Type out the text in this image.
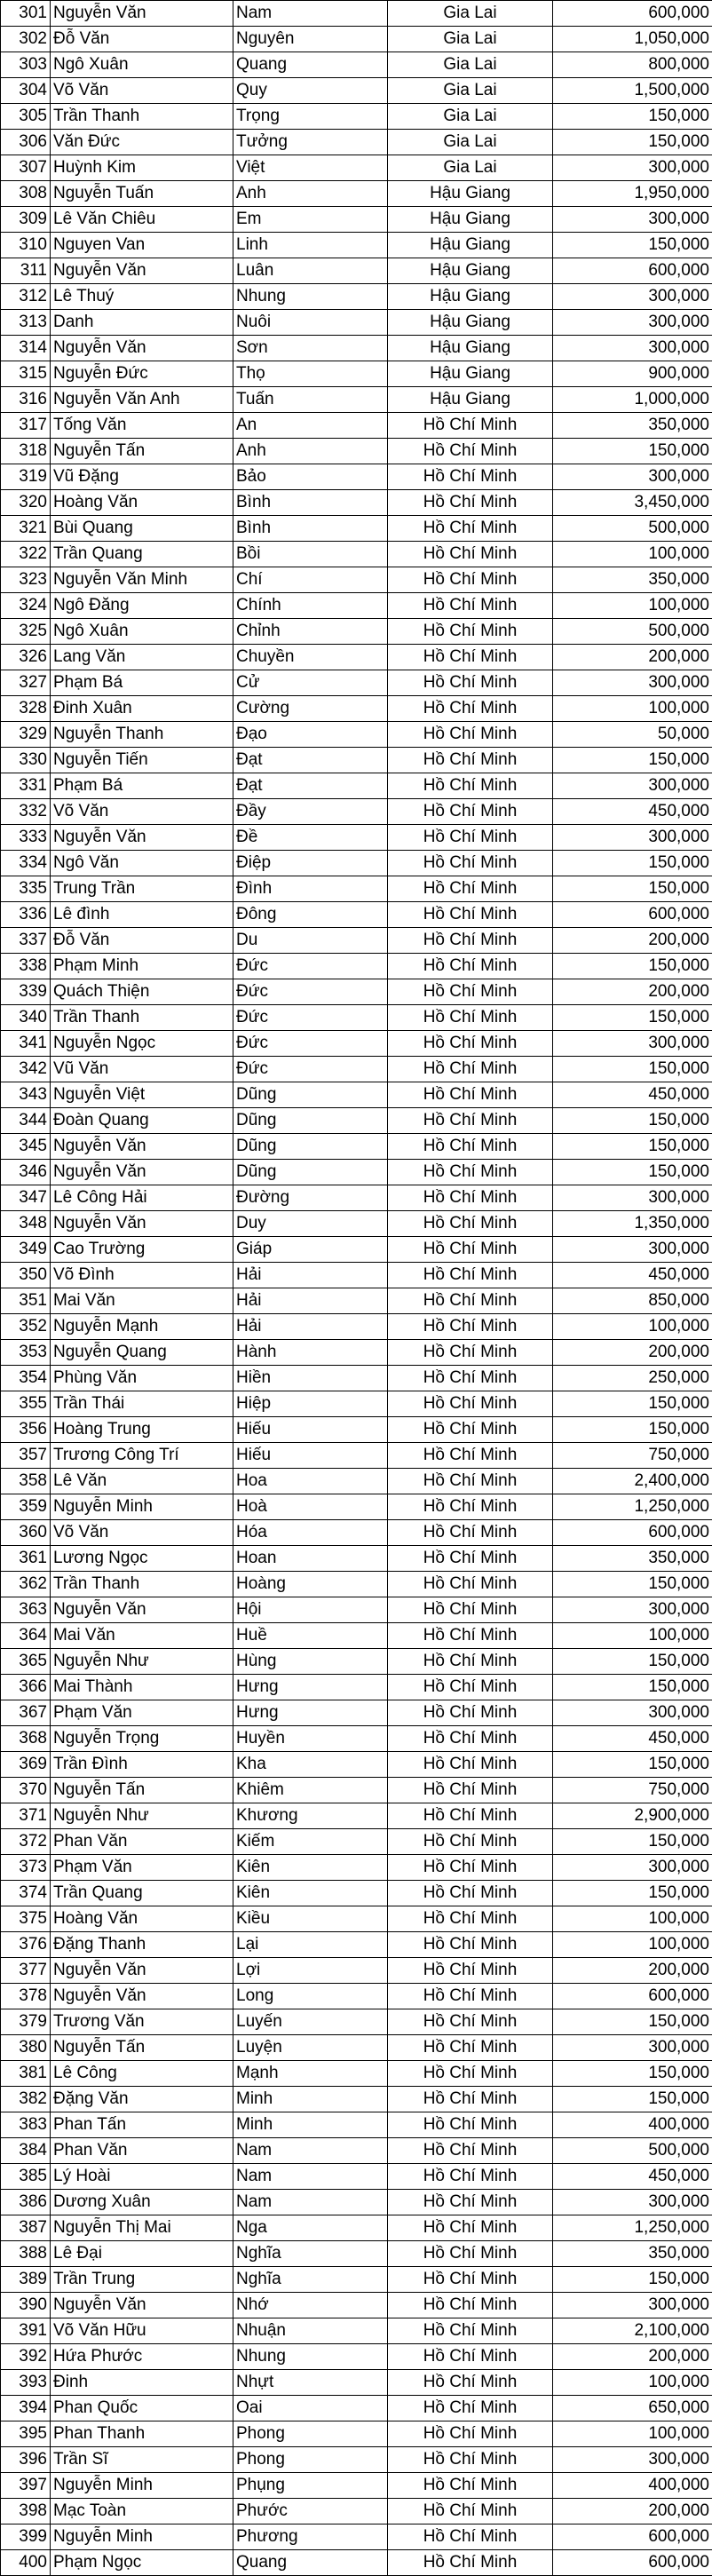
301	Nguyễn Văn	Nam	Gia Lai	600,000
302	Đỗ Văn	Nguyên	Gia Lai	1,050,000
303	Ngô Xuân	Quang	Gia Lai	800,000
304	Võ Văn	Quy	Gia Lai	1,500,000
305	Trần Thanh	Trọng	Gia Lai	150,000
306	Văn Đức	Tưởng	Gia Lai	150,000
307	Huỳnh Kim	Việt	Gia Lai	300,000
308	Nguyễn Tuấn	Anh	Hậu Giang	1,950,000
309	Lê Văn Chiêu	Em	Hậu Giang	300,000
310	Nguyen Van	Linh	Hậu Giang	150,000
311	Nguyễn Văn	Luân	Hậu Giang	600,000
312	Lê Thuý	Nhung	Hậu Giang	300,000
313	Danh	Nuôi	Hậu Giang	300,000
314	Nguyễn Văn	Sơn	Hậu Giang	300,000
315	Nguyễn Đức	Thọ	Hậu Giang	900,000
316	Nguyễn Văn Anh	Tuấn	Hậu Giang	1,000,000
317	Tống Văn	An	Hồ Chí Minh	350,000
318	Nguyễn Tấn	Anh	Hồ Chí Minh	150,000
319	Vũ Đặng	Bảo	Hồ Chí Minh	300,000
320	Hoàng Văn	Bình	Hồ Chí Minh	3,450,000
321	Bùi Quang	Bình	Hồ Chí Minh	500,000
322	Trần Quang	Bồi	Hồ Chí Minh	100,000
323	Nguyễn Văn Minh	Chí	Hồ Chí Minh	350,000
324	Ngô Đăng	Chính	Hồ Chí Minh	100,000
325	Ngô Xuân	Chỉnh	Hồ Chí Minh	500,000
326	Lang Văn	Chuyền	Hồ Chí Minh	200,000
327	Phạm Bá	Cử	Hồ Chí Minh	300,000
328	Đinh Xuân	Cường	Hồ Chí Minh	100,000
329	Nguyễn Thanh	Đạo	Hồ Chí Minh	50,000
330	Nguyễn Tiến	Đạt	Hồ Chí Minh	150,000
331	Phạm Bá	Đạt	Hồ Chí Minh	300,000
332	Võ Văn	Đầy	Hồ Chí Minh	450,000
333	Nguyễn Văn	Đề	Hồ Chí Minh	300,000
334	Ngô Văn	Điệp	Hồ Chí Minh	150,000
335	Trung Trần	Đình	Hồ Chí Minh	150,000
336	Lê đình	Đông	Hồ Chí Minh	600,000
337	Đỗ Văn	Du	Hồ Chí Minh	200,000
338	Phạm Minh	Đức	Hồ Chí Minh	150,000
339	Quách Thiện	Đức	Hồ Chí Minh	200,000
340	Trần Thanh	Đức	Hồ Chí Minh	150,000
341	Nguyễn Ngọc	Đức	Hồ Chí Minh	300,000
342	Vũ Văn	Đức	Hồ Chí Minh	150,000
343	Nguyễn Việt	Dũng	Hồ Chí Minh	450,000
344	Đoàn Quang	Dũng	Hồ Chí Minh	150,000
345	Nguyễn Văn	Dũng	Hồ Chí Minh	150,000
346	Nguyễn Văn	Dũng	Hồ Chí Minh	150,000
347	Lê Công Hải	Đường	Hồ Chí Minh	300,000
348	Nguyễn Văn	Duy	Hồ Chí Minh	1,350,000
349	Cao Trường	Giáp	Hồ Chí Minh	300,000
350	Võ Đình	Hải	Hồ Chí Minh	450,000
351	Mai Văn	Hải	Hồ Chí Minh	850,000
352	Nguyễn Mạnh	Hải	Hồ Chí Minh	100,000
353	Nguyễn Quang	Hành	Hồ Chí Minh	200,000
354	Phùng Văn	Hiền	Hồ Chí Minh	250,000
355	Trần Thái	Hiệp	Hồ Chí Minh	150,000
356	Hoàng Trung	Hiếu	Hồ Chí Minh	150,000
357	Trương Công Trí	Hiếu	Hồ Chí Minh	750,000
358	Lê Văn	Hoa	Hồ Chí Minh	2,400,000
359	Nguyễn Minh	Hoà	Hồ Chí Minh	1,250,000
360	Võ Văn	Hóa	Hồ Chí Minh	600,000
361	Lương Ngọc	Hoan	Hồ Chí Minh	350,000
362	Trần Thanh	Hoàng	Hồ Chí Minh	150,000
363	Nguyễn Văn	Hội	Hồ Chí Minh	300,000
364	Mai Văn	Huề	Hồ Chí Minh	100,000
365	Nguyễn Như	Hùng	Hồ Chí Minh	150,000
366	Mai Thành	Hưng	Hồ Chí Minh	150,000
367	Phạm Văn	Hưng	Hồ Chí Minh	300,000
368	Nguyễn Trọng	Huyền	Hồ Chí Minh	450,000
369	Trần Đình	Kha	Hồ Chí Minh	150,000
370	Nguyễn Tấn	Khiêm	Hồ Chí Minh	750,000
371	Nguyễn Như	Khương	Hồ Chí Minh	2,900,000
372	Phan Văn	Kiếm	Hồ Chí Minh	150,000
373	Phạm Văn	Kiên	Hồ Chí Minh	300,000
374	Trần Quang	Kiên	Hồ Chí Minh	150,000
375	Hoàng Văn	Kiều	Hồ Chí Minh	100,000
376	Đặng Thanh	Lại	Hồ Chí Minh	100,000
377	Nguyễn Văn	Lợi	Hồ Chí Minh	200,000
378	Nguyễn Văn	Long	Hồ Chí Minh	600,000
379	Trương Văn	Luyến	Hồ Chí Minh	150,000
380	Nguyễn Tấn	Luyện	Hồ Chí Minh	300,000
381	Lê Công	Mạnh	Hồ Chí Minh	150,000
382	Đặng Văn	Minh	Hồ Chí Minh	150,000
383	Phan Tấn	Minh	Hồ Chí Minh	400,000
384	Phan Văn	Nam	Hồ Chí Minh	500,000
385	Lý Hoài	Nam	Hồ Chí Minh	450,000
386	Dương Xuân	Nam	Hồ Chí Minh	300,000
387	Nguyễn Thị Mai	Nga	Hồ Chí Minh	1,250,000
388	Lê Đại	Nghĩa	Hồ Chí Minh	350,000
389	Trần Trung	Nghĩa	Hồ Chí Minh	150,000
390	Nguyễn Văn	Nhớ	Hồ Chí Minh	300,000
391	Võ Văn Hữu	Nhuận	Hồ Chí Minh	2,100,000
392	Hứa Phước	Nhung	Hồ Chí Minh	200,000
393	Đinh	Nhựt	Hồ Chí Minh	100,000
394	Phan Quốc	Oai	Hồ Chí Minh	650,000
395	Phan Thanh	Phong	Hồ Chí Minh	100,000
396	Trần Sĩ	Phong	Hồ Chí Minh	300,000
397	Nguyễn Minh	Phụng	Hồ Chí Minh	400,000
398	Mạc Toàn	Phước	Hồ Chí Minh	200,000
399	Nguyễn Minh	Phương	Hồ Chí Minh	600,000
400	Phạm Ngọc	Quang	Hồ Chí Minh	600,000
